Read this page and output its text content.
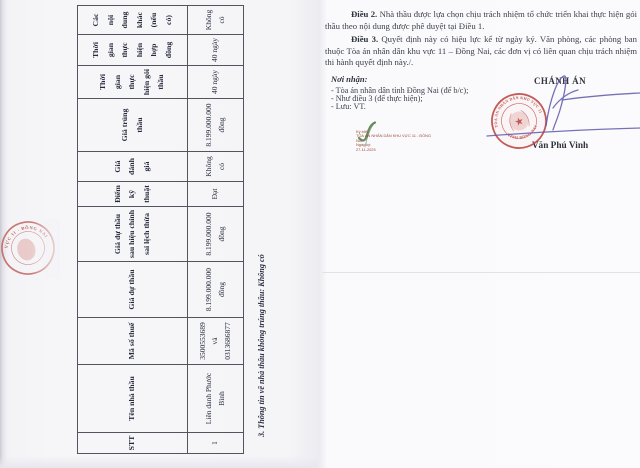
STT	Tên nhà thầu	Mã số thuế	Giá dự thầu	Giá dự thầu sau hiệu chỉnh sai lệch thừa	Điểm kỹ thuật	Giá đánh giá	Giá trúng thầu	Thời gian thực hiện gói thầu	Thời gian thực hiện hợp đồng	Các nội dung khác (nếu có)
1	Liên danh Phước Bình	3500553689 và 0313686877	8.199.000.000 đồng	8.199.000.000 đồng	Đạt	Không có	8.199.000.000 đồng	40 ngày	40 ngày	Không có
3. Thông tin về nhà thầu không trúng thầu: Không có

Điều 2. Nhà thầu được lựa chọn chịu trách nhiệm tổ chức triển khai thực hiện gói thầu theo nội dung được phê duyệt tại Điều 1.

Điều 3. Quyết định này có hiệu lực kể từ ngày ký. Văn phòng, các phòng ban thuộc Tòa án nhân dân khu vực 11 – Đồng Nai, các đơn vị có liên quan chịu trách nhiệm thi hành quyết định này./.

Nơi nhận:
- Tòa án nhân dân tỉnh Đồng Nai (để b/c);
- Như điều 3 (để thực hiện);
- Lưu: VT.
CHÁNH ÁN
Văn Phú Vinh
★
TÒA ÁN NHÂN DÂN KHU VỰC 11
TỈNH ĐỒNG NAI
Ký bởi:
TÒA ÁN NHÂN DÂN KHU VỰC 11 - ĐỒNG
NAI
Ngày ký:
27-11-2025
